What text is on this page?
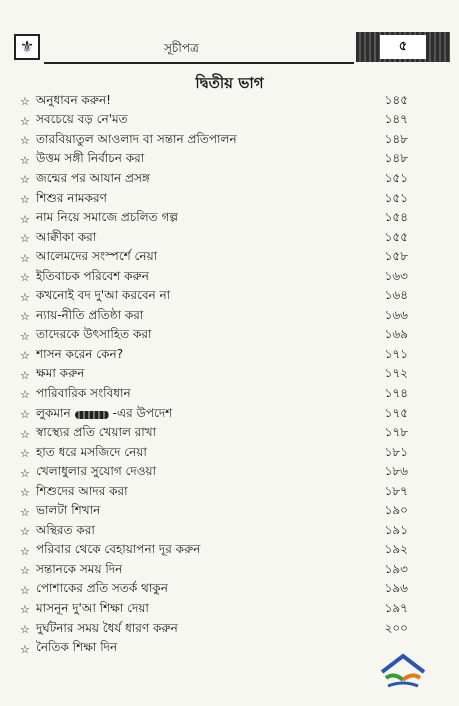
⚜	সূচীপত্র	৫
দ্বিতীয় ভাগ
☆ অনুধাবন করুন!	১৪৫
☆ সবচেয়ে বড় নে'মত	১৪৭
☆ তারবিয়াতুল আওলাদ বা সন্তান প্রতিপালন	১৪৮
☆ উত্তম সঙ্গী নির্বাচন করা	১৪৮
☆ জন্মের পর আযান প্রসঙ্গ	১৫১
☆ শিশুর নামকরণ	১৫১
☆ নাম নিয়ে সমাজে প্রচলিত গল্প	১৫৪
☆ আক্বীকা করা	১৫৫
☆ আলেমদের সংস্পর্শে নেয়া	১৫৮
☆ ইতিবাচক পরিবেশ করুন	১৬৩
☆ কখনোই বদ দু'আ করবেন না	১৬৪
☆ ন্যায়-নীতি প্রতিষ্ঠা করা	১৬৬
☆ তাদেরকে উৎসাহিত করা	১৬৯
☆ শাসন করেন কেন?	১৭১
☆ ক্ষমা করুন	১৭২
☆ পারিবারিক সংবিধান	১৭৪
☆ লুকমান	-এর উপদেশ	১৭৫
☆ স্বাস্থ্যের প্রতি খেয়াল রাখা	১৭৮
☆ হাত ধরে মসজিদে নেয়া	১৮১
☆ খেলাধুলার সুযোগ দেওয়া	১৮৬
☆ শিশুদের আদর করা	১৮৭
☆ ভালটা শিখান	১৯০
☆ অন্থিরত করা	১৯১
☆ পরিবার থেকে বেহায়াপনা দূর করুন	১৯২
☆ সন্তানকে সময় দিন	১৯৩
☆ পোশাকের প্রতি সতর্ক থাকুন	১৯৬
☆ মাসনূন দু'আ শিক্ষা দেয়া	১৯৭
☆ দুর্ঘটনার সময় ধৈর্য ধারণ করুন	২০০
☆ নৈতিক শিক্ষা দিন
